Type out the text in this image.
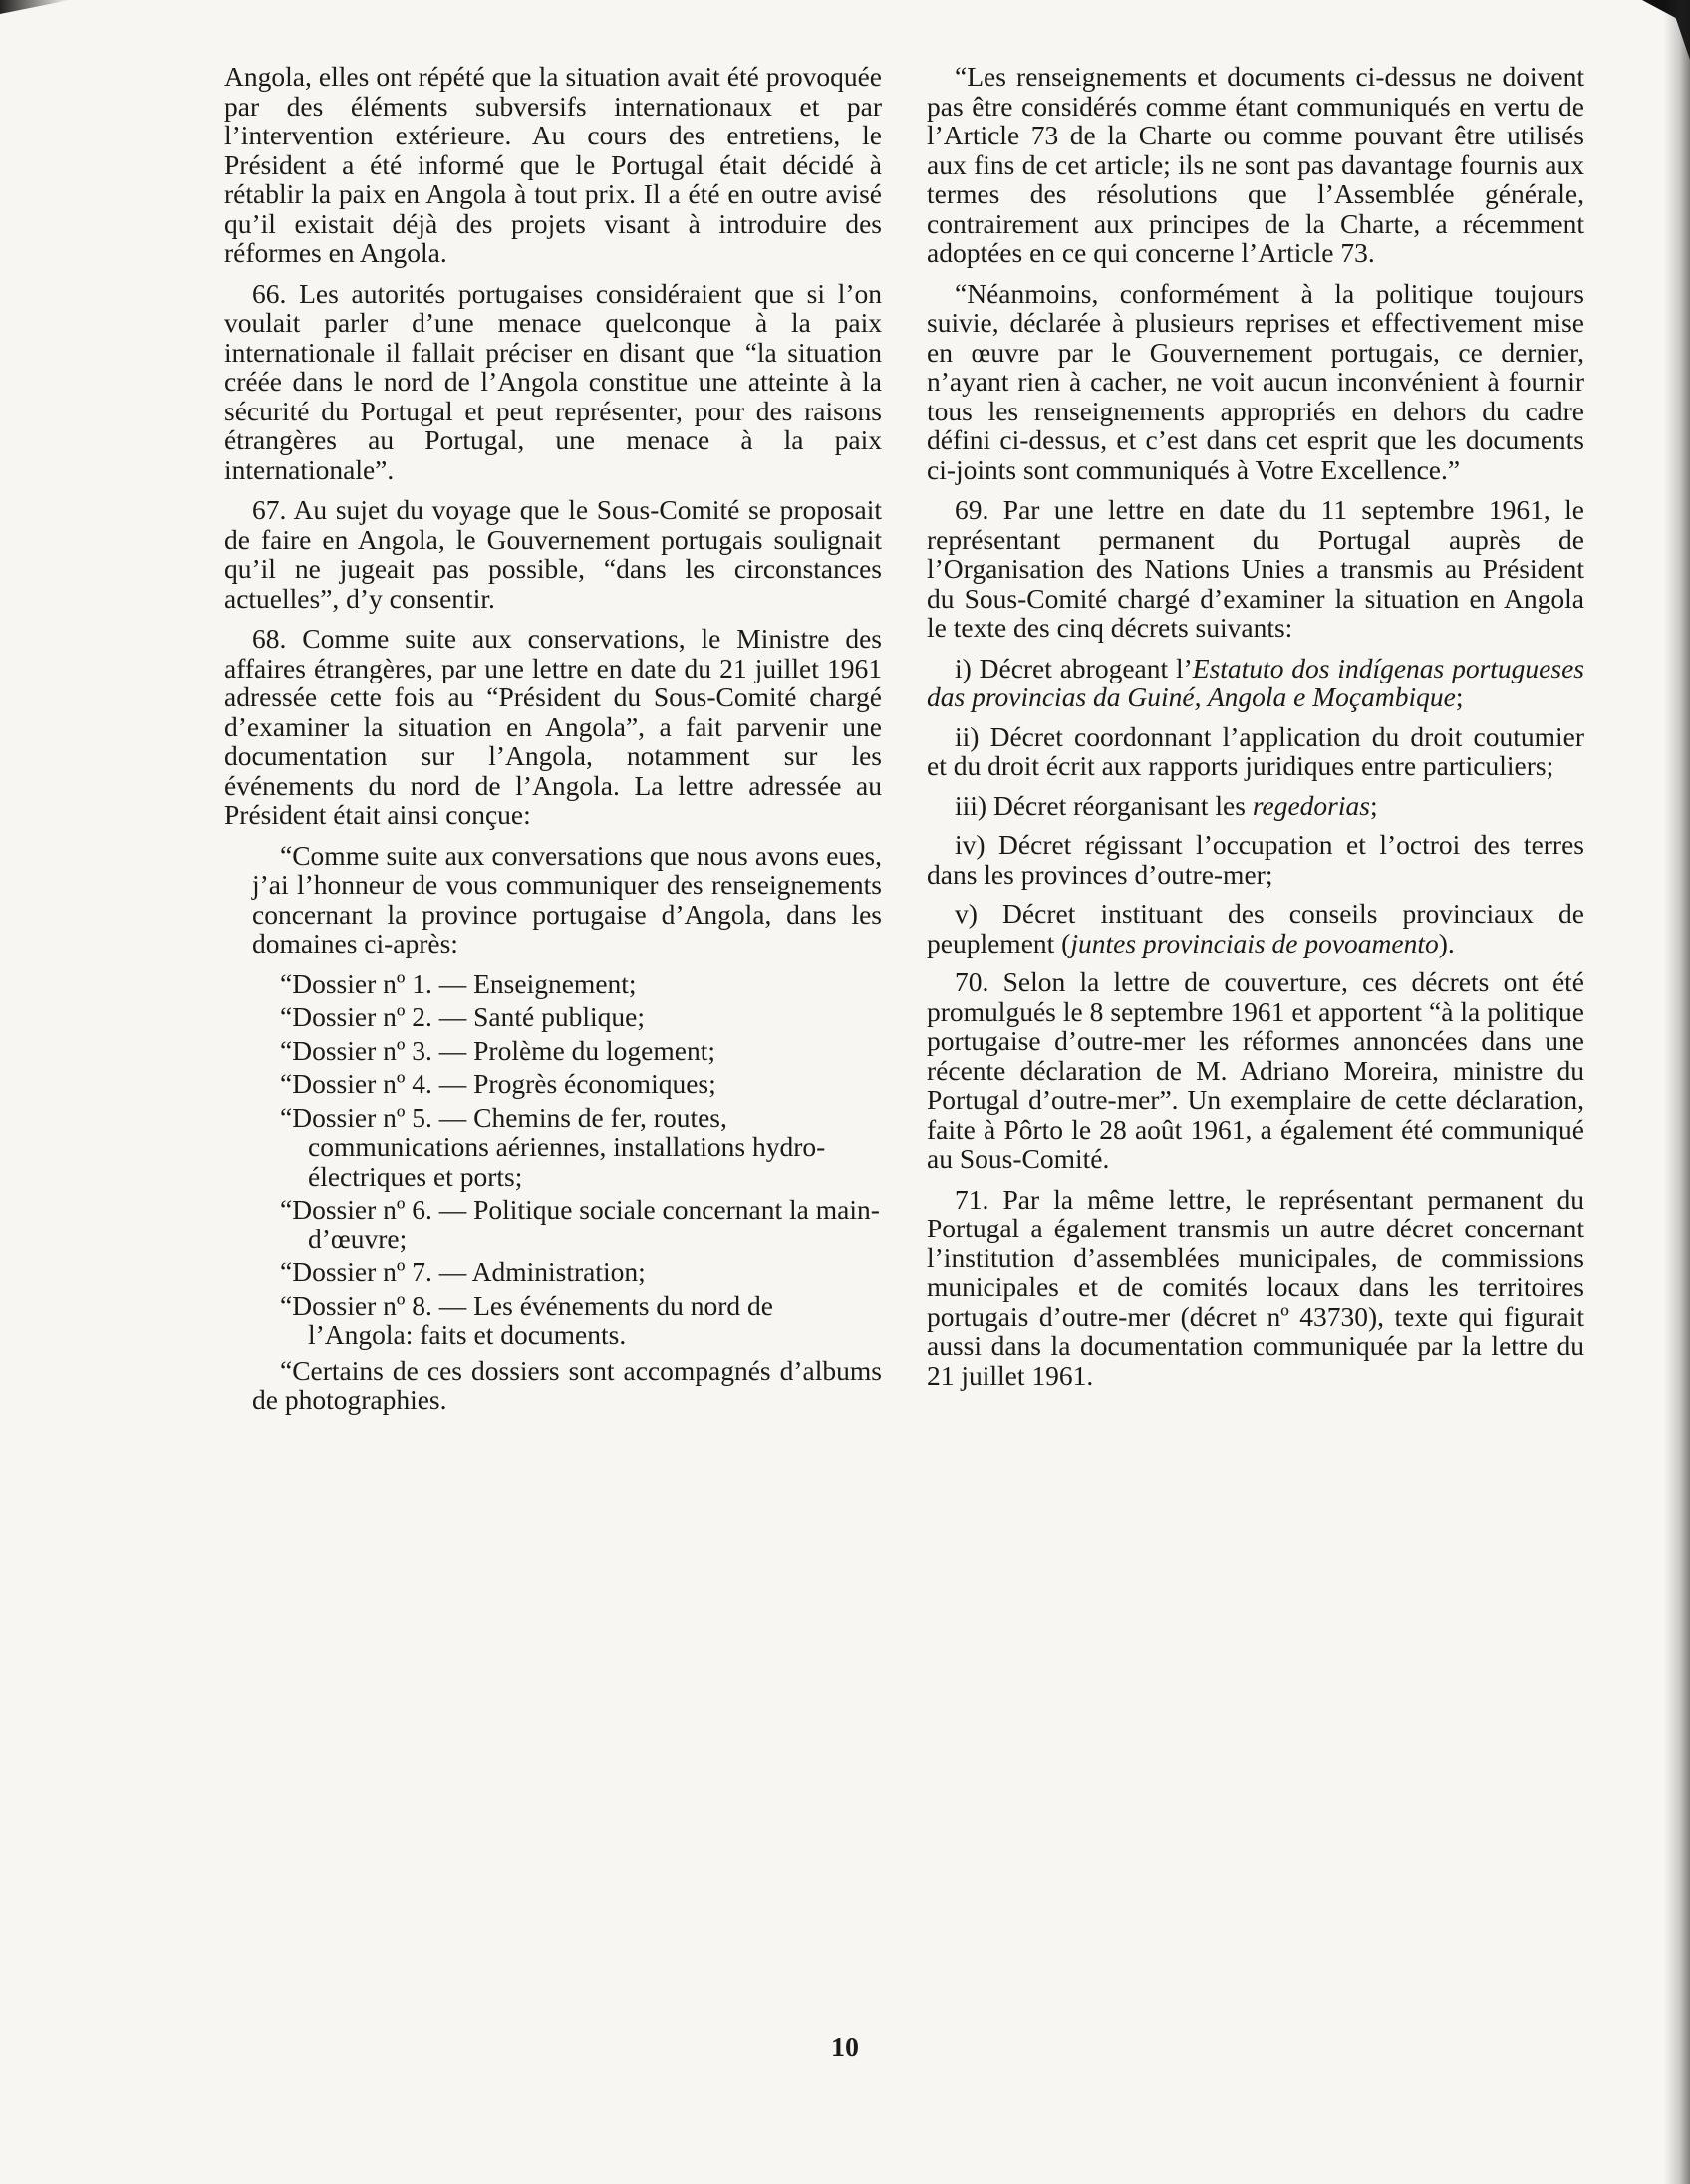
Angola, elles ont répété que la situation avait été provoquée par des éléments subversifs internationaux et par l’intervention extérieure. Au cours des entretiens, le Président a été informé que le Portugal était décidé à rétablir la paix en Angola à tout prix. Il a été en outre avisé qu’il existait déjà des projets visant à introduire des réformes en Angola.

66. Les autorités portugaises considéraient que si l’on voulait parler d’une menace quelconque à la paix internationale il fallait préciser en disant que “la situation créée dans le nord de l’Angola constitue une atteinte à la sécurité du Portugal et peut représenter, pour des raisons étrangères au Portugal, une menace à la paix internationale”.

67. Au sujet du voyage que le Sous-Comité se proposait de faire en Angola, le Gouvernement portugais soulignait qu’il ne jugeait pas possible, “dans les circonstances actuelles”, d’y consentir.

68. Comme suite aux conservations, le Ministre des affaires étrangères, par une lettre en date du 21 juillet 1961 adressée cette fois au “Président du Sous-Comité chargé d’examiner la situation en Angola”, a fait parvenir une documentation sur l’Angola, notamment sur les événements du nord de l’Angola. La lettre adressée au Président était ainsi conçue:

“Comme suite aux conversations que nous avons eues, j’ai l’honneur de vous communiquer des renseignements concernant la province portugaise d’Angola, dans les domaines ci-après:

“Dossier nº 1. — Enseignement;
“Dossier nº 2. — Santé publique;
“Dossier nº 3. — Prolème du logement;
“Dossier nº 4. — Progrès économiques;
“Dossier nº 5. — Chemins de fer, routes, communications aériennes, installations hydro-électriques et ports;
“Dossier nº 6. — Politique sociale concernant la main-d’œuvre;
“Dossier nº 7. — Administration;
“Dossier nº 8. — Les événements du nord de l’Angola: faits et documents.

“Certains de ces dossiers sont accompagnés d’albums de photographies.

“Les renseignements et documents ci-dessus ne doivent pas être considérés comme étant communiqués en vertu de l’Article 73 de la Charte ou comme pouvant être utilisés aux fins de cet article; ils ne sont pas davantage fournis aux termes des résolutions que l’Assemblée générale, contrairement aux principes de la Charte, a récemment adoptées en ce qui concerne l’Article 73.

“Néanmoins, conformément à la politique toujours suivie, déclarée à plusieurs reprises et effectivement mise en œuvre par le Gouvernement portugais, ce dernier, n’ayant rien à cacher, ne voit aucun inconvénient à fournir tous les renseignements appropriés en dehors du cadre défini ci-dessus, et c’est dans cet esprit que les documents ci-joints sont communiqués à Votre Excellence.”

69. Par une lettre en date du 11 septembre 1961, le représentant permanent du Portugal auprès de l’Organisation des Nations Unies a transmis au Président du Sous-Comité chargé d’examiner la situation en Angola le texte des cinq décrets suivants:

i) Décret abrogeant l’Estatuto dos indígenas portugueses das provincias da Guiné, Angola e Moçambique;
ii) Décret coordonnant l’application du droit coutumier et du droit écrit aux rapports juridiques entre particuliers;
iii) Décret réorganisant les regedorias;
iv) Décret régissant l’occupation et l’octroi des terres dans les provinces d’outre-mer;
v) Décret instituant des conseils provinciaux de peuplement (juntes provinciais de povoamento).

70. Selon la lettre de couverture, ces décrets ont été promulgués le 8 septembre 1961 et apportent “à la politique portugaise d’outre-mer les réformes annoncées dans une récente déclaration de M. Adriano Moreira, ministre du Portugal d’outre-mer”. Un exemplaire de cette déclaration, faite à Pôrto le 28 août 1961, a également été communiqué au Sous-Comité.

71. Par la même lettre, le représentant permanent du Portugal a également transmis un autre décret concernant l’institution d’assemblées municipales, de commissions municipales et de comités locaux dans les territoires portugais d’outre-mer (décret nº 43730), texte qui figurait aussi dans la documentation communiquée par la lettre du 21 juillet 1961.

10
